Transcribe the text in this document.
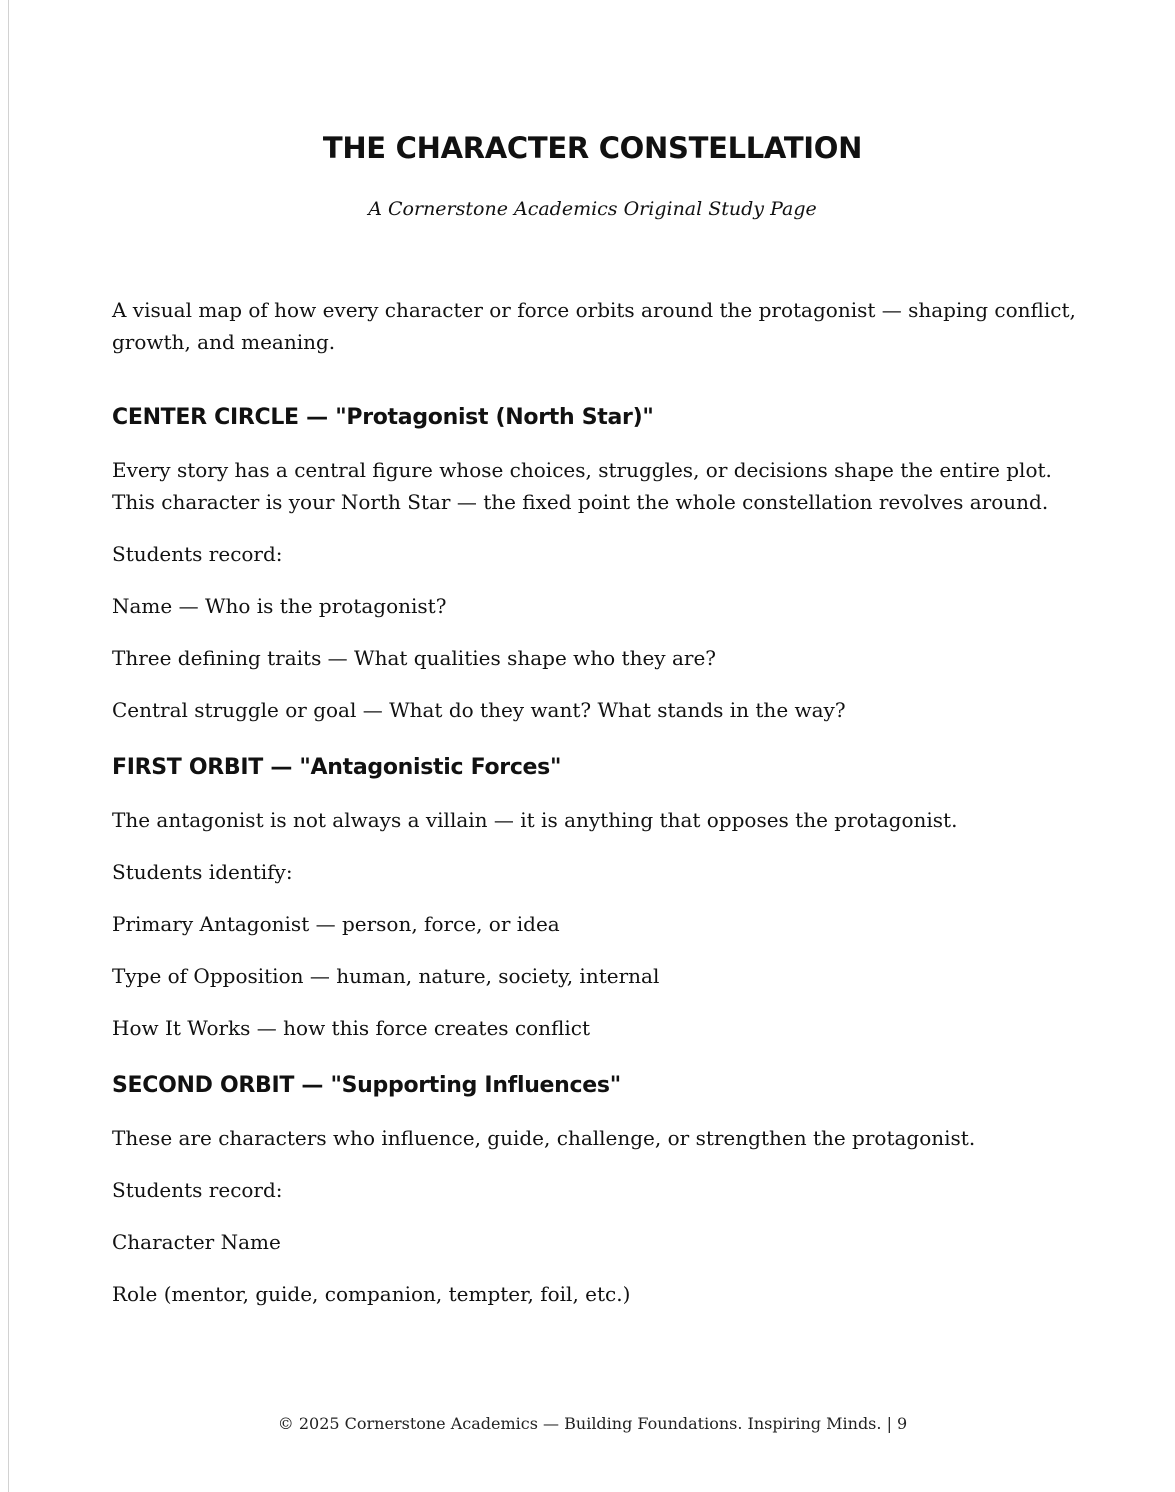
THE CHARACTER CONSTELLATION

A Cornerstone Academics Original Study Page

A visual map of how every character or force orbits around the protagonist — shaping conflict, growth, and meaning.

CENTER CIRCLE — "Protagonist (North Star)"

Every story has a central figure whose choices, struggles, or decisions shape the entire plot. This character is your North Star — the fixed point the whole constellation revolves around.

Students record:

Name — Who is the protagonist?

Three defining traits — What qualities shape who they are?

Central struggle or goal — What do they want? What stands in the way?

FIRST ORBIT — "Antagonistic Forces"

The antagonist is not always a villain — it is anything that opposes the protagonist.

Students identify:

Primary Antagonist — person, force, or idea

Type of Opposition — human, nature, society, internal

How It Works — how this force creates conflict

SECOND ORBIT — "Supporting Influences"

These are characters who influence, guide, challenge, or strengthen the protagonist.

Students record:

Character Name

Role (mentor, guide, companion, tempter, foil, etc.)

© 2025 Cornerstone Academics — Building Foundations. Inspiring Minds. | 9
